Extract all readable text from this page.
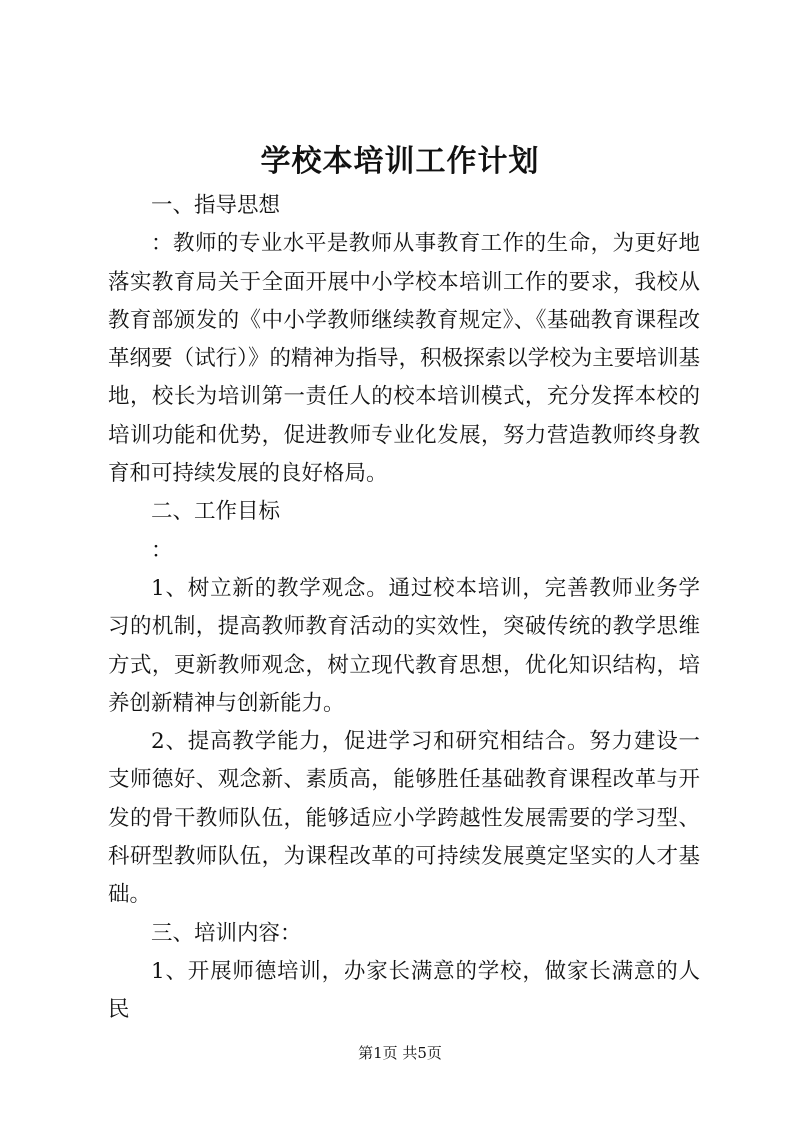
学校本培训工作计划

一、指导思想

：教师的专业水平是教师从事教育工作的生命，为更好地落实教育局关于全面开展中小学校本培训工作的要求，我校从教育部颁发的《中小学教师继续教育规定》、《基础教育课程改革纲要（试行）》的精神为指导，积极探索以学校为主要培训基地，校长为培训第一责任人的校本培训模式，充分发挥本校的培训功能和优势，促进教师专业化发展，努力营造教师终身教育和可持续发展的良好格局。

二、工作目标

：

1、树立新的教学观念。通过校本培训，完善教师业务学习的机制，提高教师教育活动的实效性，突破传统的教学思维方式，更新教师观念，树立现代教育思想，优化知识结构，培养创新精神与创新能力。

2、提高教学能力，促进学习和研究相结合。努力建设一支师德好、观念新、素质高，能够胜任基础教育课程改革与开发的骨干教师队伍，能够适应小学跨越性发展需要的学习型、科研型教师队伍，为课程改革的可持续发展奠定坚实的人才基础。

三、培训内容：

1、开展师德培训，办家长满意的学校，做家长满意的人民

第1页 共5页
